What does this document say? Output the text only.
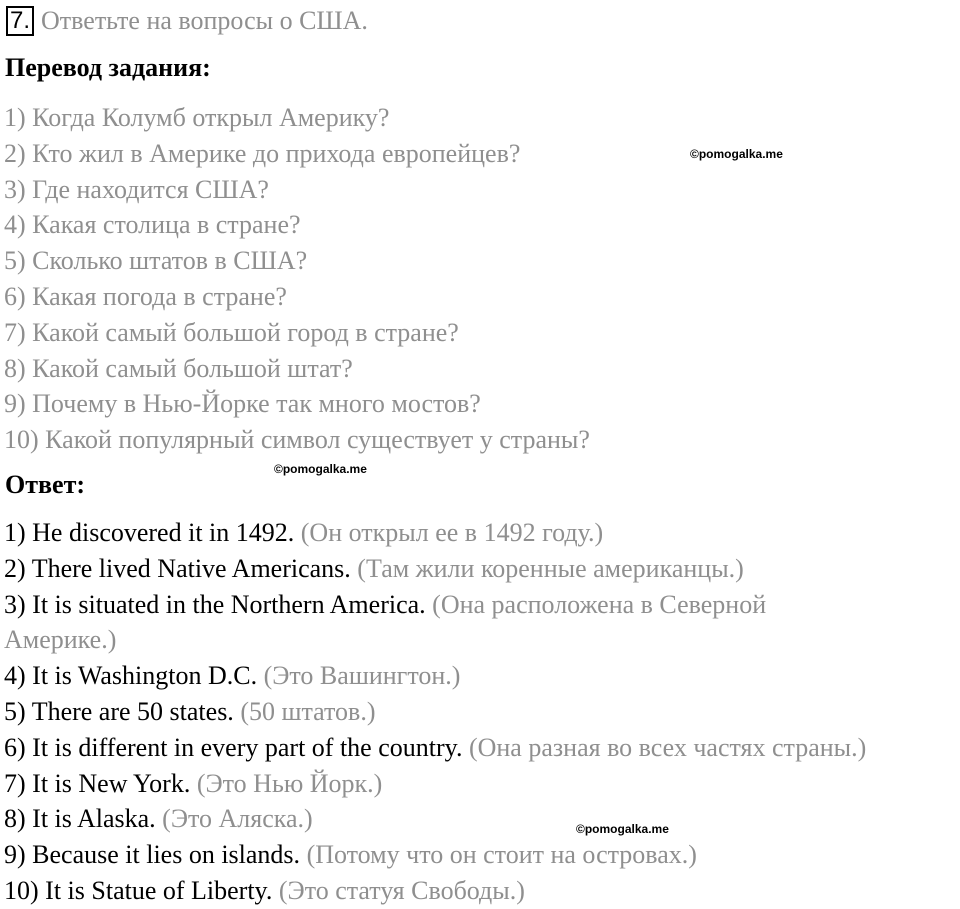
7. Ответьте на вопросы о США.
Перевод задания:
1) Когда Колумб открыл Америку?
2) Кто жил в Америке до прихода европейцев?
3) Где находится США?
4) Какая столица в стране?
5) Сколько штатов в США?
6) Какая погода в стране?
7) Какой самый большой город в стране?
8) Какой самый большой штат?
9) Почему в Нью-Йорке так много мостов?
10) Какой популярный символ существует у страны?
Ответ:
1) He discovered it in 1492. (Он открыл ее в 1492 году.)
2) There lived Native Americans. (Там жили коренные американцы.)
3) It is situated in the Northern America. (Она расположена в Северной Америке.)
4) It is Washington D.C. (Это Вашингтон.)
5) There are 50 states. (50 штатов.)
6) It is different in every part of the country. (Она разная во всех частях страны.)
7) It is New York. (Это Нью Йорк.)
8) It is Alaska. (Это Аляска.)
9) Because it lies on islands. (Потому что он стоит на островах.)
10) It is Statue of Liberty. (Это статуя Свободы.)
©pomogalka.me
©pomogalka.me
©pomogalka.me
